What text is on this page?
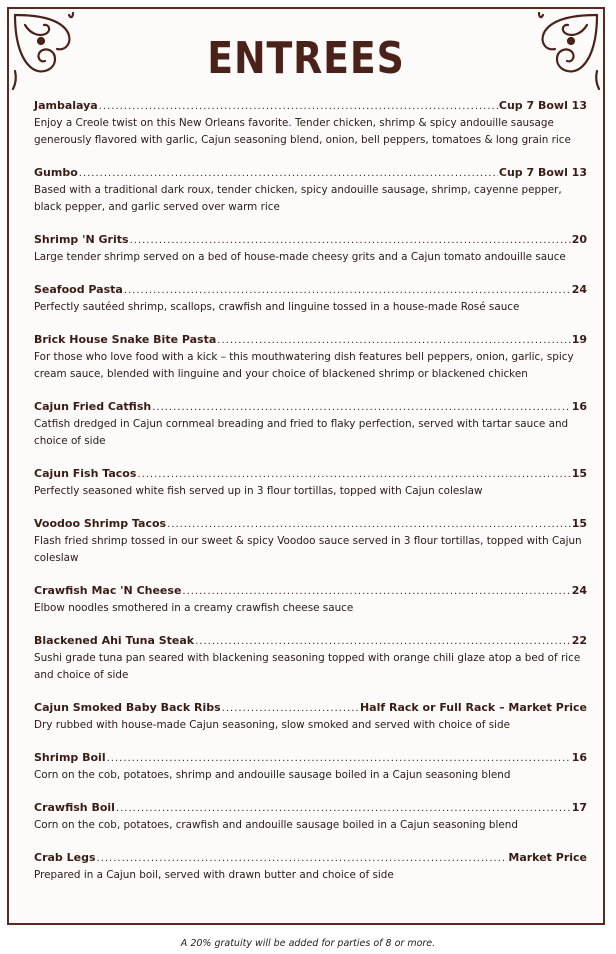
ENTREES
Jambalaya .....	Cup 7 Bowl 13
Enjoy a Creole twist on this New Orleans favorite. Tender chicken, shrimp & spicy andouille sausage generously flavored with garlic, Cajun seasoning blend, onion, bell peppers, tomatoes & long grain rice
Gumbo .....	Cup 7 Bowl 13
Based with a traditional dark roux, tender chicken, spicy andouille sausage, shrimp, cayenne pepper, black pepper, and garlic served over warm rice
Shrimp 'N Grits .....	20
Large tender shrimp served on a bed of house-made cheesy grits and a Cajun tomato andouille sauce
Seafood Pasta .....	24
Perfectly sautéed shrimp, scallops, crawfish and linguine tossed in a house-made Rosé sauce
Brick House Snake Bite Pasta .....	19
For those who love food with a kick – this mouthwatering dish features bell peppers, onion, garlic, spicy cream sauce, blended with linguine and your choice of blackened shrimp or blackened chicken
Cajun Fried Catfish .....	16
Catfish dredged in Cajun cornmeal breading and fried to flaky perfection, served with tartar sauce and choice of side
Cajun Fish Tacos .....	15
Perfectly seasoned white fish served up in 3 flour tortillas, topped with Cajun coleslaw
Voodoo Shrimp Tacos .....	15
Flash fried shrimp tossed in our sweet & spicy Voodoo sauce served in 3 flour tortillas, topped with Cajun coleslaw
Crawfish Mac 'N Cheese .....	24
Elbow noodles smothered in a creamy crawfish cheese sauce
Blackened Ahi Tuna Steak .....	22
Sushi grade tuna pan seared with blackening seasoning topped with orange chili glaze atop a bed of rice and choice of side
Cajun Smoked Baby Back Ribs .....	Half Rack or Full Rack – Market Price
Dry rubbed with house-made Cajun seasoning, slow smoked and served with choice of side
Shrimp Boil .....	16
Corn on the cob, potatoes, shrimp and andouille sausage boiled in a Cajun seasoning blend
Crawfish Boil .....	17
Corn on the cob, potatoes, crawfish and andouille sausage boiled in a Cajun seasoning blend
Crab Legs .....	Market Price
Prepared in a Cajun boil, served with drawn butter and choice of side
A 20% gratuity will be added for parties of 8 or more.
